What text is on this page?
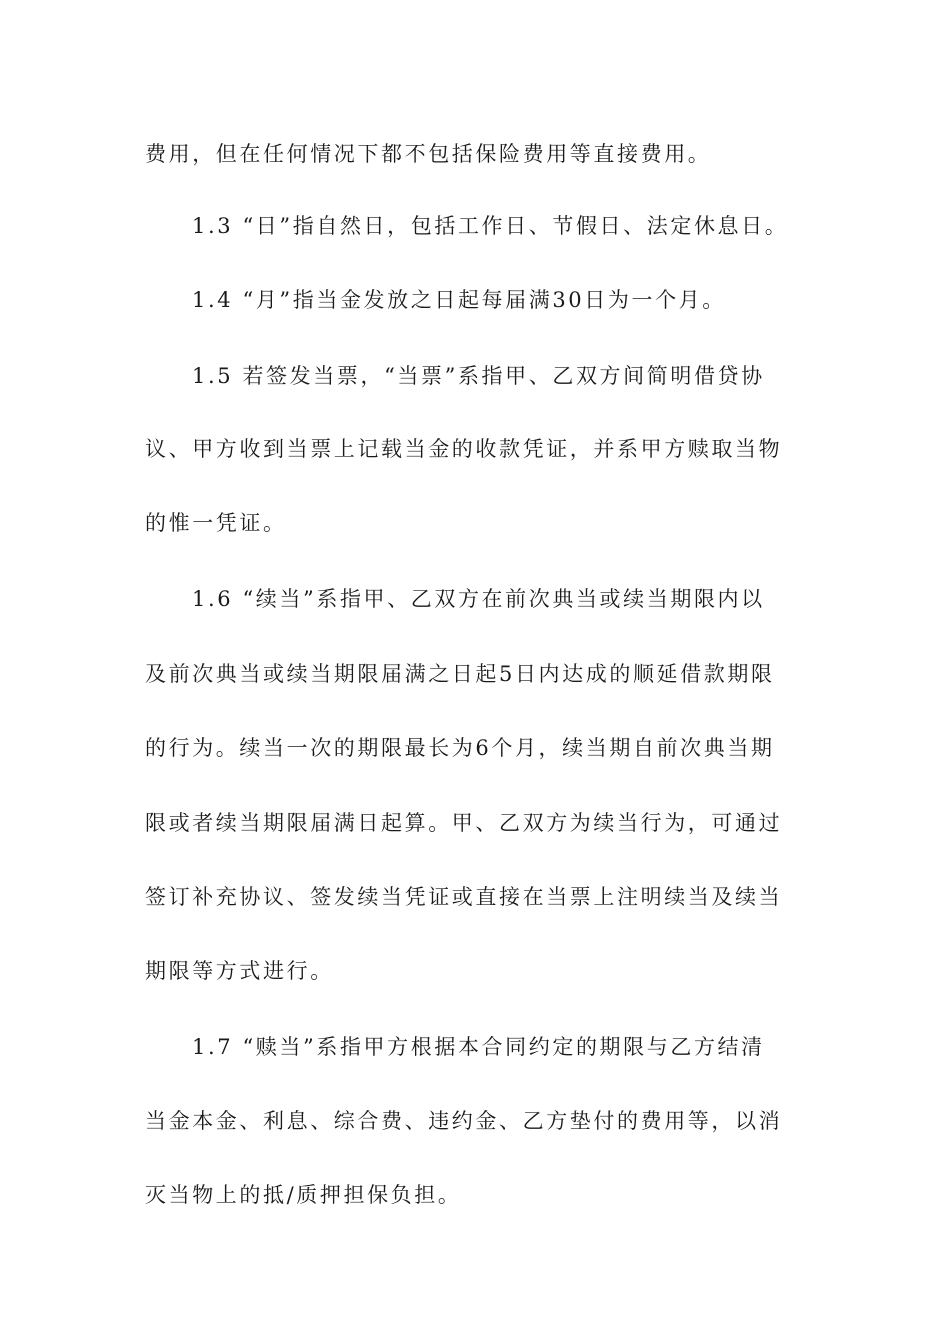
费用，但在任何情况下都不包括保险费用等直接费用。
1.3 “日”指自然日，包括工作日、节假日、法定休息日。
1.4 “月”指当金发放之日起每届满30日为一个月。
1.5 若签发当票，“当票”系指甲、乙双方间简明借贷协
议、甲方收到当票上记载当金的收款凭证，并系甲方赎取当物
的惟一凭证。
1.6 “续当”系指甲、乙双方在前次典当或续当期限内以
及前次典当或续当期限届满之日起5日内达成的顺延借款期限
的行为。续当一次的期限最长为6个月，续当期自前次典当期
限或者续当期限届满日起算。甲、乙双方为续当行为，可通过
签订补充协议、签发续当凭证或直接在当票上注明续当及续当
期限等方式进行。
1.7 “赎当”系指甲方根据本合同约定的期限与乙方结清
当金本金、利息、综合费、违约金、乙方垫付的费用等，以消
灭当物上的抵/质押担保负担。
